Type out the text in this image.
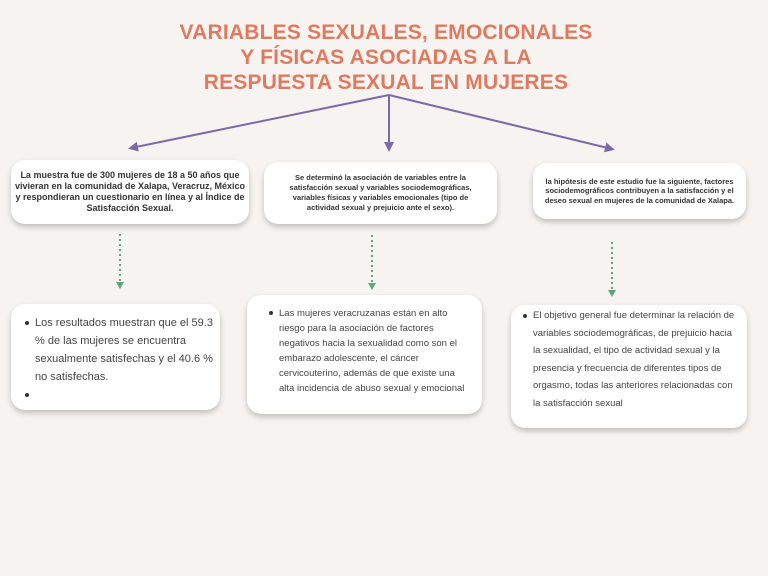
VARIABLES SEXUALES, EMOCIONALES
Y FÍSICAS ASOCIADAS A LA
RESPUESTA SEXUAL EN MUJERES
La muestra fue de 300 mujeres de 18 a 50 años que vivieran en la comunidad de Xalapa, Veracruz, México y respondieran un cuestionario en línea y al Índice de Satisfacción Sexual.
Se determinó la asociación de variables entre la satisfacción sexual y variables sociodemográficas, variables físicas y variables emocionales (tipo de actividad sexual y prejuicio ante el sexo).
la hipótesis de este estudio fue la siguiente, factores sociodemográficos contribuyen a la satisfacción y el deseo sexual en mujeres de la comunidad de Xalapa.
Los resultados muestran que el 59.3 % de las mujeres se encuentra sexualmente satisfechas y el 40.6 % no satisfechas.
Las mujeres veracruzanas están en alto riesgo para la asociación de factores negativos hacia la sexualidad como son el embarazo adolescente, el cáncer cervicouterino, además de que existe una alta incidencia de abuso sexual y emocional
El objetivo general fue determinar la relación de variables sociodemográficas, de prejuicio hacia la sexualidad, el tipo de actividad sexual y la presencia y frecuencia de diferentes tipos de orgasmo, todas las anteriores relacionadas con la satisfacción sexual
